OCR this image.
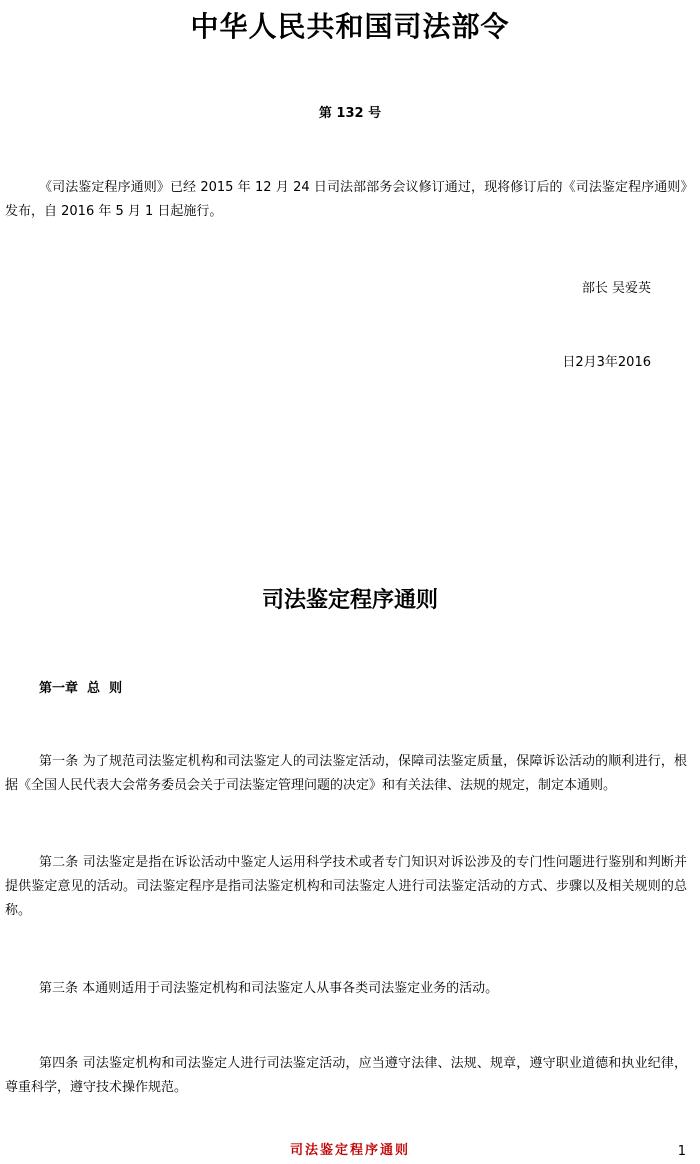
中华人民共和国司法部令
第 132 号

《司法鉴定程序通则》已经 2015 年 12 月 24 日司法部部务会议修订通过，现将修订后的《司法鉴定程序通则》发布，自 2016 年 5 月 1 日起施行。

部长 吴爱英
日2月3年2016
司法鉴定程序通则
第一章  总  则

第一条 为了规范司法鉴定机构和司法鉴定人的司法鉴定活动，保障司法鉴定质量，保障诉讼活动的顺利进行，根据《全国人民代表大会常务委员会关于司法鉴定管理问题的决定》和有关法律、法规的规定，制定本通则。

第二条 司法鉴定是指在诉讼活动中鉴定人运用科学技术或者专门知识对诉讼涉及的专门性问题进行鉴别和判断并提供鉴定意见的活动。司法鉴定程序是指司法鉴定机构和司法鉴定人进行司法鉴定活动的方式、步骤以及相关规则的总称。

第三条 本通则适用于司法鉴定机构和司法鉴定人从事各类司法鉴定业务的活动。

第四条 司法鉴定机构和司法鉴定人进行司法鉴定活动，应当遵守法律、法规、规章，遵守职业道德和执业纪律，尊重科学，遵守技术操作规范。

司法鉴定程序通则	1
